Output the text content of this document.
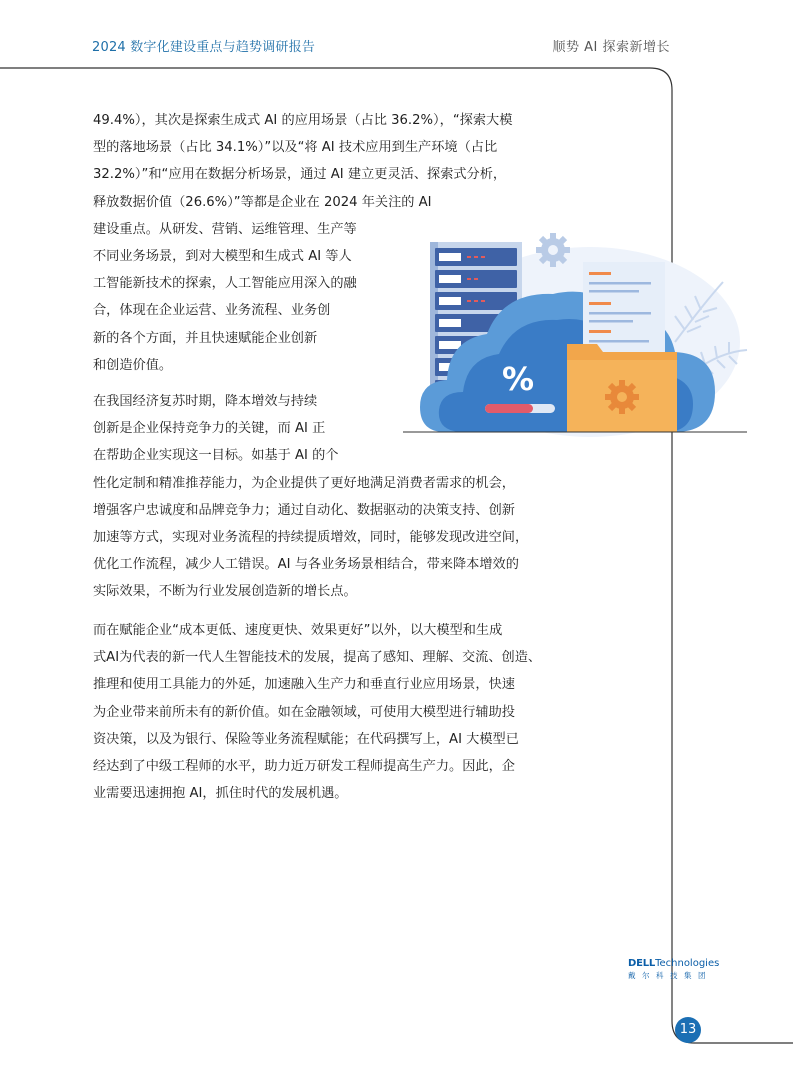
2024 数字化建设重点与趋势调研报告	顺势 AI 探索新增长
49.4%），其次是探索生成式 AI 的应用场景（占比 36.2%），“探索大模
型的落地场景（占比 34.1%）”以及“将 AI 技术应用到生产环境（占比
32.2%）”和“应用在数据分析场景，通过 AI 建立更灵活、探索式分析，
释放数据价值（26.6%）”等都是企业在 2024 年关注的 AI
建设重点。从研发、营销、运维管理、生产等
不同业务场景，到对大模型和生成式 AI 等人
工智能新技术的探索，人工智能应用深入的融
合，体现在企业运营、业务流程、业务创
新的各个方面，并且快速赋能企业创新
和创造价值。
在我国经济复苏时期，降本增效与持续
创新是企业保持竞争力的关键，而 AI 正
在帮助企业实现这一目标。如基于 AI 的个
性化定制和精准推荐能力，为企业提供了更好地满足消费者需求的机会，
增强客户忠诚度和品牌竞争力；通过自动化、数据驱动的决策支持、创新
加速等方式，实现对业务流程的持续提质增效，同时，能够发现改进空间，
优化工作流程，减少人工错误。AI 与各业务场景相结合，带来降本增效的
实际效果，不断为行业发展创造新的增长点。
而在赋能企业“成本更低、速度更快、效果更好”以外，以大模型和生成
式AI为代表的新一代人生智能技术的发展，提高了感知、理解、交流、创造、
推理和使用工具能力的外延，加速融入生产力和垂直行业应用场景，快速
为企业带来前所未有的新价值。如在金融领域，可使用大模型进行辅助投
资决策，以及为银行、保险等业务流程赋能；在代码撰写上，AI 大模型已
经达到了中级工程师的水平，助力近万研发工程师提高生产力。因此，企
业需要迅速拥抱 AI，抓住时代的发展机遇。
%
DELLTechnologies
戴尔科技集团
13
